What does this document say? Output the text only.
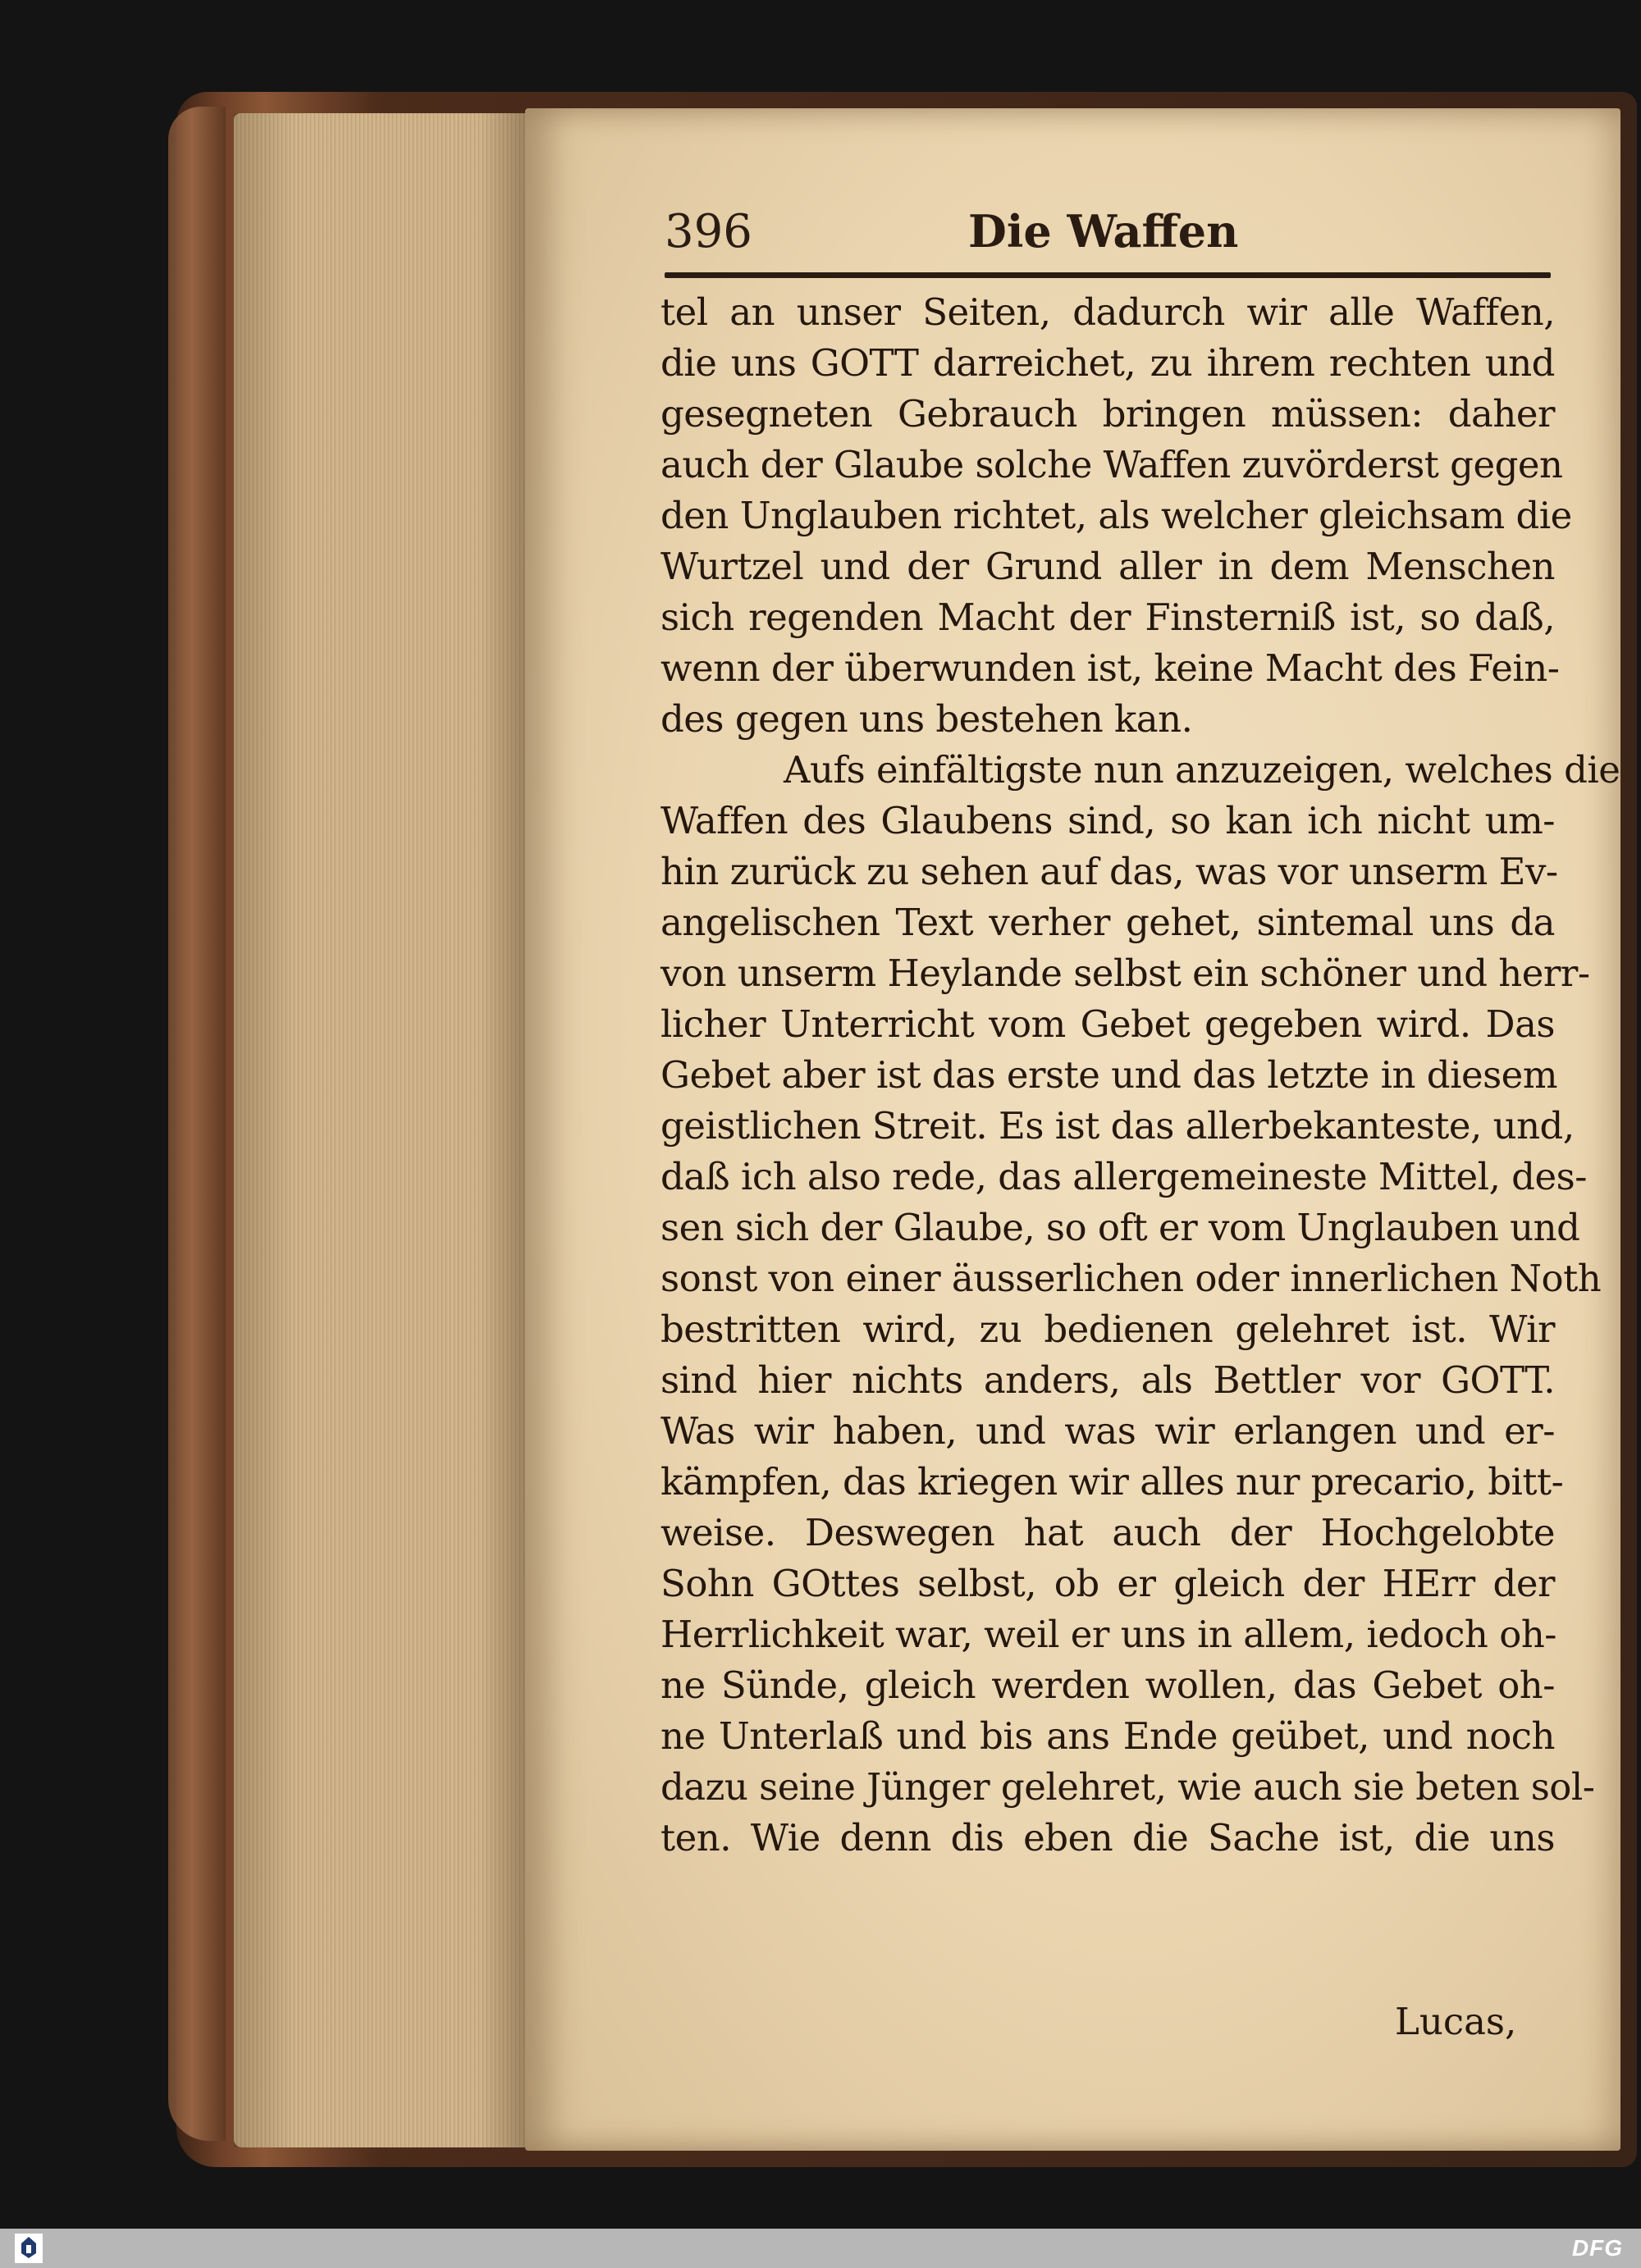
396	Die Waffen
tel an unser Seiten, dadurch wir alle Waffen,
die uns GOTT darreichet, zu ihrem rechten und
gesegneten Gebrauch bringen müssen: daher
auch der Glaube solche Waffen zuvörderst gegen
den Unglauben richtet, als welcher gleichsam die
Wurtzel und der Grund aller in dem Menschen
sich regenden Macht der Finsterniß ist, so daß,
wenn der überwunden ist, keine Macht des Fein-
des gegen uns bestehen kan.
Aufs einfältigste nun anzuzeigen, welches die
Waffen des Glaubens sind, so kan ich nicht um-
hin zurück zu sehen auf das, was vor unserm Ev-
angelischen Text verher gehet, sintemal uns da
von unserm Heylande selbst ein schöner und herr-
licher Unterricht vom Gebet gegeben wird. Das
Gebet aber ist das erste und das letzte in diesem
geistlichen Streit. Es ist das allerbekanteste, und,
daß ich also rede, das allergemeineste Mittel, des-
sen sich der Glaube, so oft er vom Unglauben und
sonst von einer äusserlichen oder innerlichen Noth
bestritten wird, zu bedienen gelehret ist. Wir
sind hier nichts anders, als Bettler vor GOTT.
Was wir haben, und was wir erlangen und er-
kämpfen, das kriegen wir alles nur precario, bitt-
weise. Deswegen hat auch der Hochgelobte
Sohn GOttes selbst, ob er gleich der HErr der
Herrlichkeit war, weil er uns in allem, iedoch oh-
ne Sünde, gleich werden wollen, das Gebet oh-
ne Unterlaß und bis ans Ende geübet, und noch
dazu seine Jünger gelehret, wie auch sie beten sol-
ten. Wie denn dis eben die Sache ist, die uns
Lucas,
DFG
